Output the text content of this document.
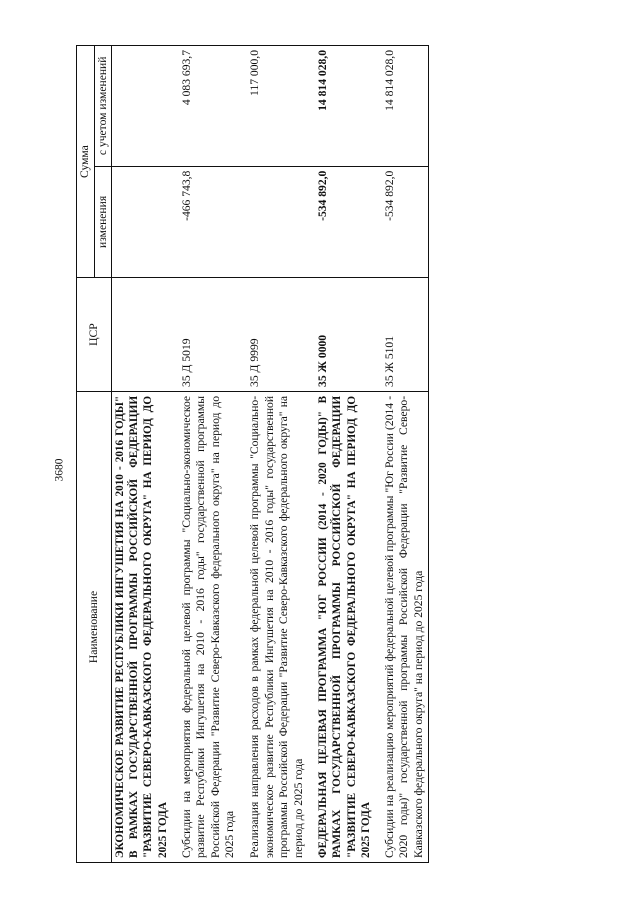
3680
Наименование	ЦСР	Сумма	
		изменения	с учетом изменений
ЭКОНОМИЧЕСКОЕ РАЗВИТИЕ РЕСПУБЛИКИ ИНГУШЕТИЯ НА 2010 - 2016 ГОДЫ" В РАМКАХ ГОСУДАРСТВЕННОЙ ПРОГРАММЫ РОССИЙСКОЙ ФЕДЕРАЦИИ "РАЗВИТИЕ СЕВЕРО-КАВКАЗСКОГО ФЕДЕРАЛЬНОГО ОКРУГА" НА ПЕРИОД ДО 2025 ГОДА			

Субсидии на мероприятия федеральной целевой программы "Социально-экономическое развитие Республики Ингушетия на 2010 - 2016 годы" государственной программы Российской Федерации "Развитие Северо-Кавказского федерального округа" на период до 2025 года	35 Д 5019	-466 743,8	4 083 693,7

Реализация направления расходов в рамках федеральной целевой программы "Социально-экономическое развитие Республики Ингушетия на 2010 - 2016 годы" государственной программы Российской Федерации "Развитие Северо-Кавказского федерального округа" на период до 2025 года	35 Д 9999		117 000,0

ФЕДЕРАЛЬНАЯ ЦЕЛЕВАЯ ПРОГРАММА "ЮГ РОССИИ (2014 - 2020 ГОДЫ)" В РАМКАХ ГОСУДАРСТВЕННОЙ ПРОГРАММЫ РОССИЙСКОЙ ФЕДЕРАЦИИ "РАЗВИТИЕ СЕВЕРО-КАВКАЗСКОГО ФЕДЕРАЛЬНОГО ОКРУГА" НА ПЕРИОД ДО 2025 ГОДА	35 Ж 0000	-534 892,0	14 814 028,0

Субсидии на реализацию мероприятий федеральной целевой программы "Юг России (2014 - 2020 годы)" государственной программы Российской Федерации "Развитие Северо-Кавказского федерального округа" на период до 2025 года	35 Ж 5101	-534 892,0	14 814 028,0
